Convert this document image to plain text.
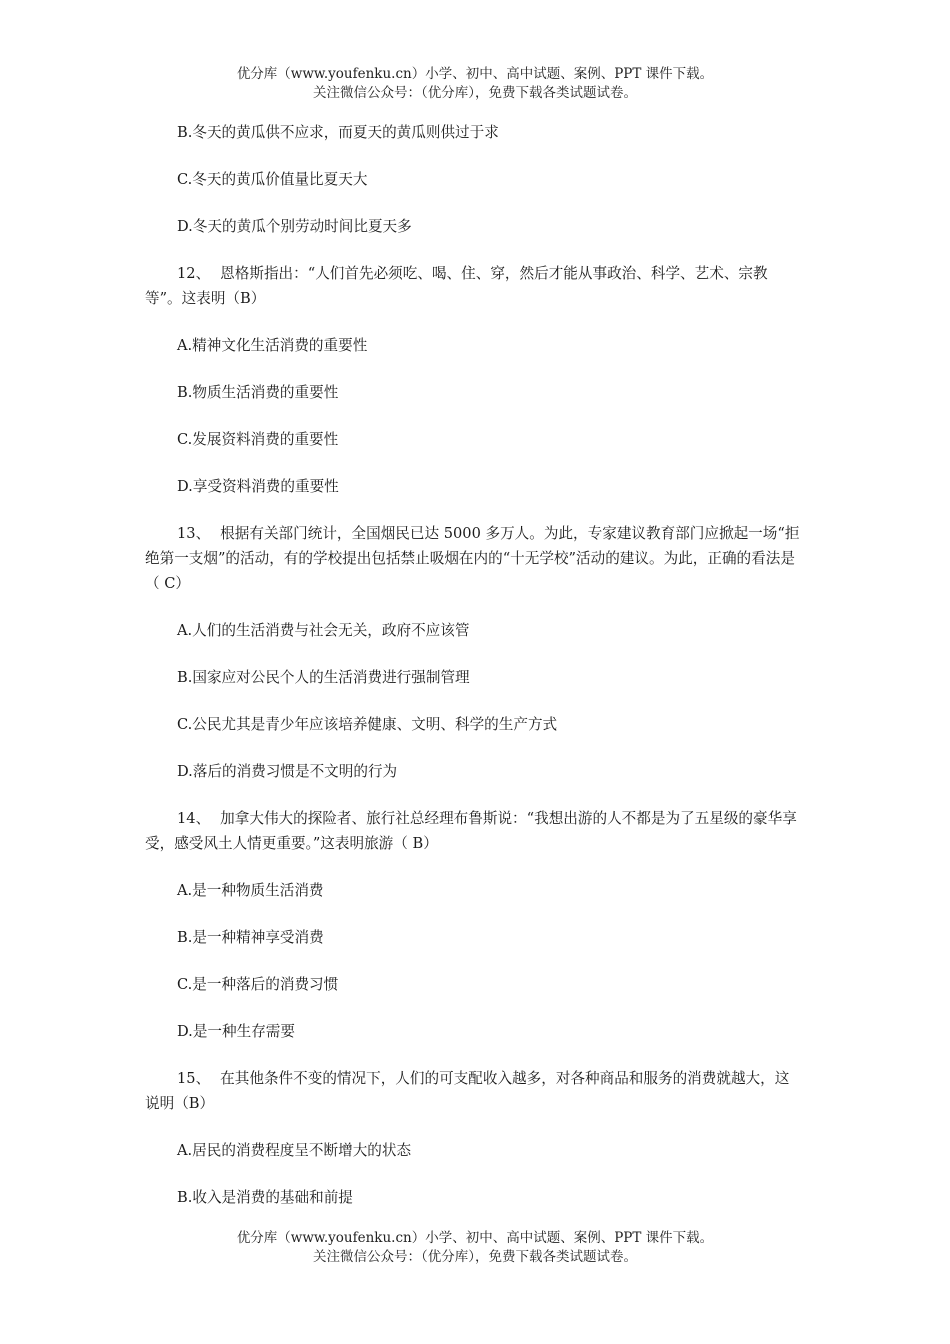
优分库（www.youfenku.cn）小学、初中、高中试题、案例、PPT 课件下载。
关注微信公众号：（优分库），免费下载各类试题试卷。

B.冬天的黄瓜供不应求，而夏天的黄瓜则供过于求

C.冬天的黄瓜价值量比夏天大

D.冬天的黄瓜个别劳动时间比夏天多

12、 恩格斯指出：“人们首先必须吃、喝、住、穿，然后才能从事政治、科学、艺术、宗教等”。这表明（B）

A.精神文化生活消费的重要性

B.物质生活消费的重要性

C.发展资料消费的重要性

D.享受资料消费的重要性

13、 根据有关部门统计，全国烟民已达 5000 多万人。为此，专家建议教育部门应掀起一场“拒绝第一支烟”的活动，有的学校提出包括禁止吸烟在内的“十无学校”活动的建议。为此，正确的看法是（ C）

A.人们的生活消费与社会无关，政府不应该管

B.国家应对公民个人的生活消费进行强制管理

C.公民尤其是青少年应该培养健康、文明、科学的生产方式

D.落后的消费习惯是不文明的行为

14、 加拿大伟大的探险者、旅行社总经理布鲁斯说：“我想出游的人不都是为了五星级的豪华享受，感受风土人情更重要。”这表明旅游（ B）

A.是一种物质生活消费

B.是一种精神享受消费

C.是一种落后的消费习惯

D.是一种生存需要

15、 在其他条件不变的情况下，人们的可支配收入越多，对各种商品和服务的消费就越大，这说明（B）

A.居民的消费程度呈不断增大的状态

B.收入是消费的基础和前提

优分库（www.youfenku.cn）小学、初中、高中试题、案例、PPT 课件下载。
关注微信公众号：（优分库），免费下载各类试题试卷。
